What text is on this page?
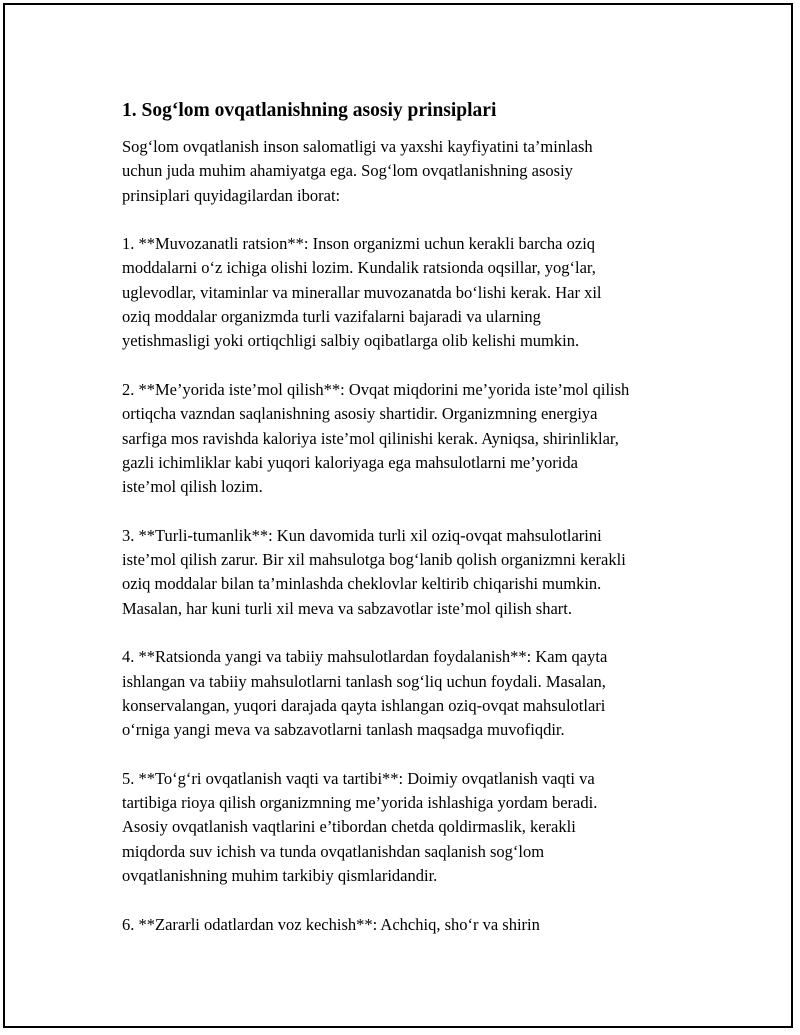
1. Sog‘lom ovqatlanishning asosiy prinsiplari

Sog‘lom ovqatlanish inson salomatligi va yaxshi kayfiyatini ta’minlash
uchun juda muhim ahamiyatga ega. Sog‘lom ovqatlanishning asosiy
prinsiplari quyidagilardan iborat:

1. **Muvozanatli ratsion**: Inson organizmi uchun kerakli barcha oziq
moddalarni o‘z ichiga olishi lozim. Kundalik ratsionda oqsillar, yog‘lar,
uglevodlar, vitaminlar va minerallar muvozanatda bo‘lishi kerak. Har xil
oziq moddalar organizmda turli vazifalarni bajaradi va ularning
yetishmasligi yoki ortiqchligi salbiy oqibatlarga olib kelishi mumkin.

2. **Me’yorida iste’mol qilish**: Ovqat miqdorini me’yorida iste’mol qilish
ortiqcha vazndan saqlanishning asosiy shartidir. Organizmning energiya
sarfiga mos ravishda kaloriya iste’mol qilinishi kerak. Ayniqsa, shirinliklar,
gazli ichimliklar kabi yuqori kaloriyaga ega mahsulotlarni me’yorida
iste’mol qilish lozim.

3. **Turli-tumanlik**: Kun davomida turli xil oziq-ovqat mahsulotlarini
iste’mol qilish zarur. Bir xil mahsulotga bog‘lanib qolish organizmni kerakli
oziq moddalar bilan ta’minlashda cheklovlar keltirib chiqarishi mumkin.
Masalan, har kuni turli xil meva va sabzavotlar iste’mol qilish shart.

4. **Ratsionda yangi va tabiiy mahsulotlardan foydalanish**: Kam qayta
ishlangan va tabiiy mahsulotlarni tanlash sog‘liq uchun foydali. Masalan,
konservalangan, yuqori darajada qayta ishlangan oziq-ovqat mahsulotlari
o‘rniga yangi meva va sabzavotlarni tanlash maqsadga muvofiqdir.

5. **To‘g‘ri ovqatlanish vaqti va tartibi**: Doimiy ovqatlanish vaqti va
tartibiga rioya qilish organizmning me’yorida ishlashiga yordam beradi.
Asosiy ovqatlanish vaqtlarini e’tibordan chetda qoldirmaslik, kerakli
miqdorda suv ichish va tunda ovqatlanishdan saqlanish sog‘lom
ovqatlanishning muhim tarkibiy qismlaridandir.

6. **Zararli odatlardan voz kechish**: Achchiq, sho‘r va shirin
